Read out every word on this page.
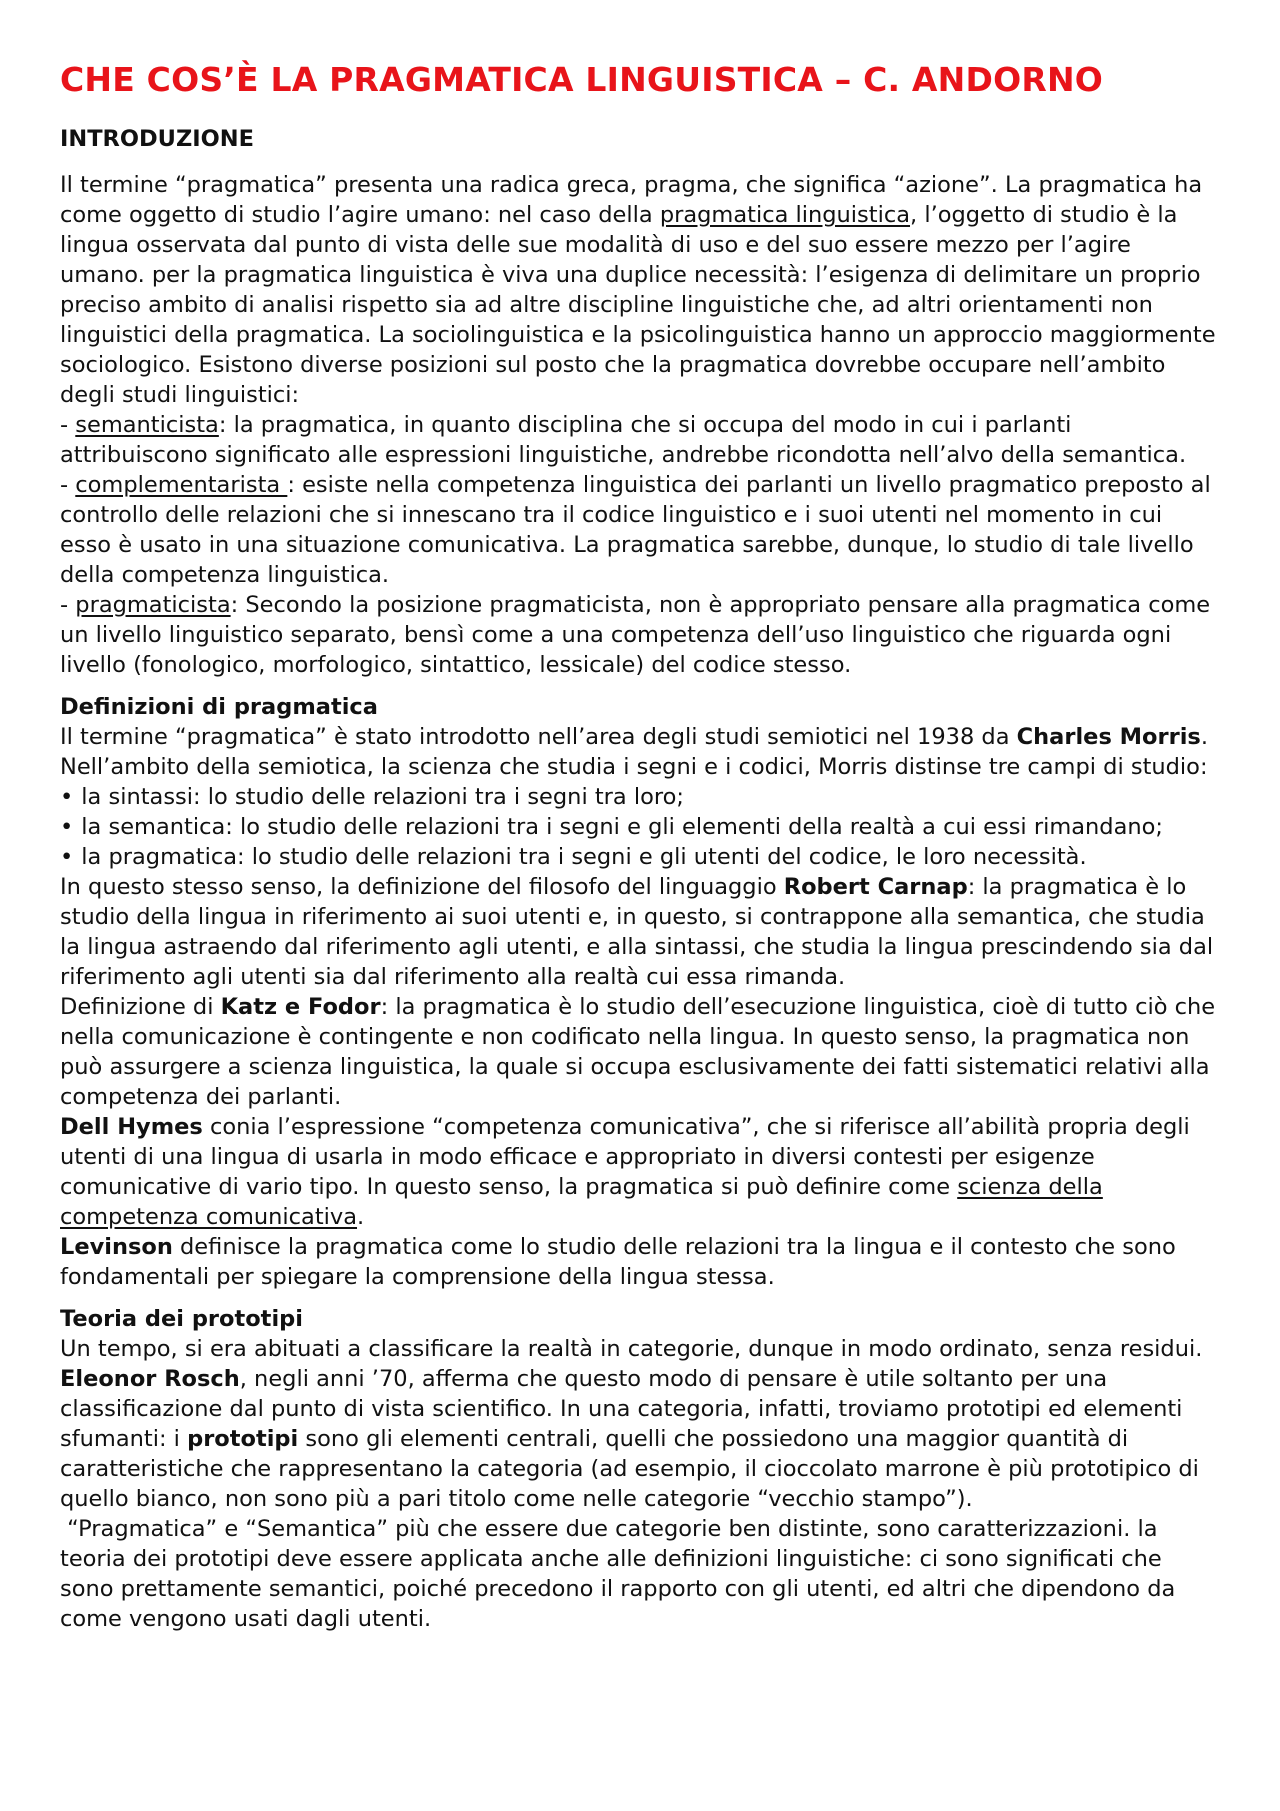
CHE COS’È LA PRAGMATICA LINGUISTICA – C. ANDORNO
INTRODUZIONE
Il termine “pragmatica” presenta una radica greca, pragma, che significa “azione”. La pragmatica ha come oggetto di studio l’agire umano: nel caso della pragmatica linguistica, l’oggetto di studio è la lingua osservata dal punto di vista delle sue modalità di uso e del suo essere mezzo per l’agire umano. per la pragmatica linguistica è viva una duplice necessità: l’esigenza di delimitare un proprio preciso ambito di analisi rispetto sia ad altre discipline linguistiche che, ad altri orientamenti non linguistici della pragmatica. La sociolinguistica e la psicolinguistica hanno un approccio maggiormente sociologico. Esistono diverse posizioni sul posto che la pragmatica dovrebbe occupare nell’ambito degli studi linguistici:
- semanticista: la pragmatica, in quanto disciplina che si occupa del modo in cui i parlanti attribuiscono significato alle espressioni linguistiche, andrebbe ricondotta nell’alvo della semantica.
- complementarista : esiste nella competenza linguistica dei parlanti un livello pragmatico preposto al controllo delle relazioni che si innescano tra il codice linguistico e i suoi utenti nel momento in cui esso è usato in una situazione comunicativa. La pragmatica sarebbe, dunque, lo studio di tale livello della competenza linguistica.
- pragmaticista: Secondo la posizione pragmaticista, non è appropriato pensare alla pragmatica come un livello linguistico separato, bensì come a una competenza dell’uso linguistico che riguarda ogni livello (fonologico, morfologico, sintattico, lessicale) del codice stesso.
Definizioni di pragmatica
Il termine “pragmatica” è stato introdotto nell’area degli studi semiotici nel 1938 da Charles Morris. Nell’ambito della semiotica, la scienza che studia i segni e i codici, Morris distinse tre campi di studio:
• la sintassi: lo studio delle relazioni tra i segni tra loro;
• la semantica: lo studio delle relazioni tra i segni e gli elementi della realtà a cui essi rimandano;
• la pragmatica: lo studio delle relazioni tra i segni e gli utenti del codice, le loro necessità.
In questo stesso senso, la definizione del filosofo del linguaggio Robert Carnap: la pragmatica è lo studio della lingua in riferimento ai suoi utenti e, in questo, si contrappone alla semantica, che studia la lingua astraendo dal riferimento agli utenti, e alla sintassi, che studia la lingua prescindendo sia dal riferimento agli utenti sia dal riferimento alla realtà cui essa rimanda.
Definizione di Katz e Fodor: la pragmatica è lo studio dell’esecuzione linguistica, cioè di tutto ciò che nella comunicazione è contingente e non codificato nella lingua. In questo senso, la pragmatica non può assurgere a scienza linguistica, la quale si occupa esclusivamente dei fatti sistematici relativi alla competenza dei parlanti.
Dell Hymes conia l’espressione “competenza comunicativa”, che si riferisce all’abilità propria degli utenti di una lingua di usarla in modo efficace e appropriato in diversi contesti per esigenze comunicative di vario tipo. In questo senso, la pragmatica si può definire come scienza della competenza comunicativa.
Levinson definisce la pragmatica come lo studio delle relazioni tra la lingua e il contesto che sono fondamentali per spiegare la comprensione della lingua stessa.
Teoria dei prototipi
Un tempo, si era abituati a classificare la realtà in categorie, dunque in modo ordinato, senza residui. Eleonor Rosch, negli anni ’70, afferma che questo modo di pensare è utile soltanto per una classificazione dal punto di vista scientifico. In una categoria, infatti, troviamo prototipi ed elementi sfumanti: i prototipi sono gli elementi centrali, quelli che possiedono una maggior quantità di caratteristiche che rappresentano la categoria (ad esempio, il cioccolato marrone è più prototipico di quello bianco, non sono più a pari titolo come nelle categorie “vecchio stampo”).
“Pragmatica” e “Semantica” più che essere due categorie ben distinte, sono caratterizzazioni. la teoria dei prototipi deve essere applicata anche alle definizioni linguistiche: ci sono significati che sono prettamente semantici, poiché precedono il rapporto con gli utenti, ed altri che dipendono da come vengono usati dagli utenti.
